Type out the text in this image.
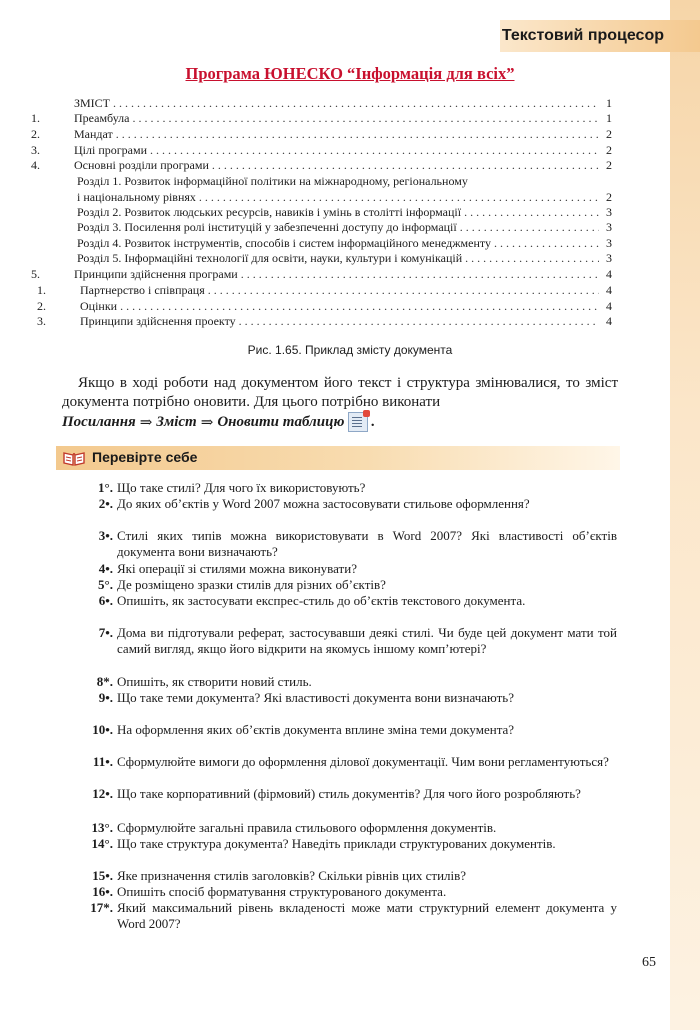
Текстовий процесор
Програма ЮНЕСКО “Інформація для всіх”
ЗМІСТ . . .	1
1.	Преамбула . . .	1
2.	Мандат . . .	2
3.	Цілі програми . . .	2
4.	Основні розділи програми . . .	2
Розділ 1. Розвиток інформаційної політики на міжнародному, регіональному
і національному рівнях . . .	2
Розділ 2. Розвиток людських ресурсів, навиків і умінь в столітті інформації . . .	3
Розділ 3. Посилення ролі інституцій у забезпеченні доступу до інформації . . .	3
Розділ 4. Розвиток інструментів, способів і систем інформаційного менеджменту . . .	3
Розділ 5. Інформаційні технології для освіти, науки, культури і комунікацій . . .	3
5.	Принципи здійснення програми . . .	4
1.	Партнерство і співпраця . . .	4
2.	Оцінки . . .	4
3.	Принципи здійснення проекту . . .	4
Рис. 1.65. Приклад змісту документа
Якщо в ході роботи над документом його текст і структура змінювалися, то зміст документа потрібно оновити. Для цього потрібно виконати
Посилання ⇒ Зміст ⇒ Оновити таблицю .
Перевірте себе
1°. Що таке стилі? Для чого їх використовують?
2•. До яких об’єктів у Word 2007 можна застосовувати стильове оформлення?
3•. Стилі яких типів можна використовувати в Word 2007? Які властивості об’єктів документа вони визначають?
4•. Які операції зі стилями можна виконувати?
5°. Де розміщено зразки стилів для різних об’єктів?
6•. Опишіть, як застосувати експрес-стиль до об’єктів текстового документа.
7•. Дома ви підготували реферат, застосувавши деякі стилі. Чи буде цей документ мати той самий вигляд, якщо його відкрити на якомусь іншому комп’ютері?
8*. Опишіть, як створити новий стиль.
9•. Що таке теми документа? Які властивості документа вони визначають?
10•. На оформлення яких об’єктів документа вплине зміна теми документа?
11•. Сформулюйте вимоги до оформлення ділової документації. Чим вони регламентуються?
12•. Що таке корпоративний (фірмовий) стиль документів? Для чого його розробляють?
13°. Сформулюйте загальні правила стильового оформлення документів.
14°. Що таке структура документа? Наведіть приклади структурованих документів.
15•. Яке призначення стилів заголовків? Скільки рівнів цих стилів?
16•. Опишіть спосіб форматування структурованого документа.
17*. Який максимальний рівень вкладеності може мати структурний елемент документа у Word 2007?
65
